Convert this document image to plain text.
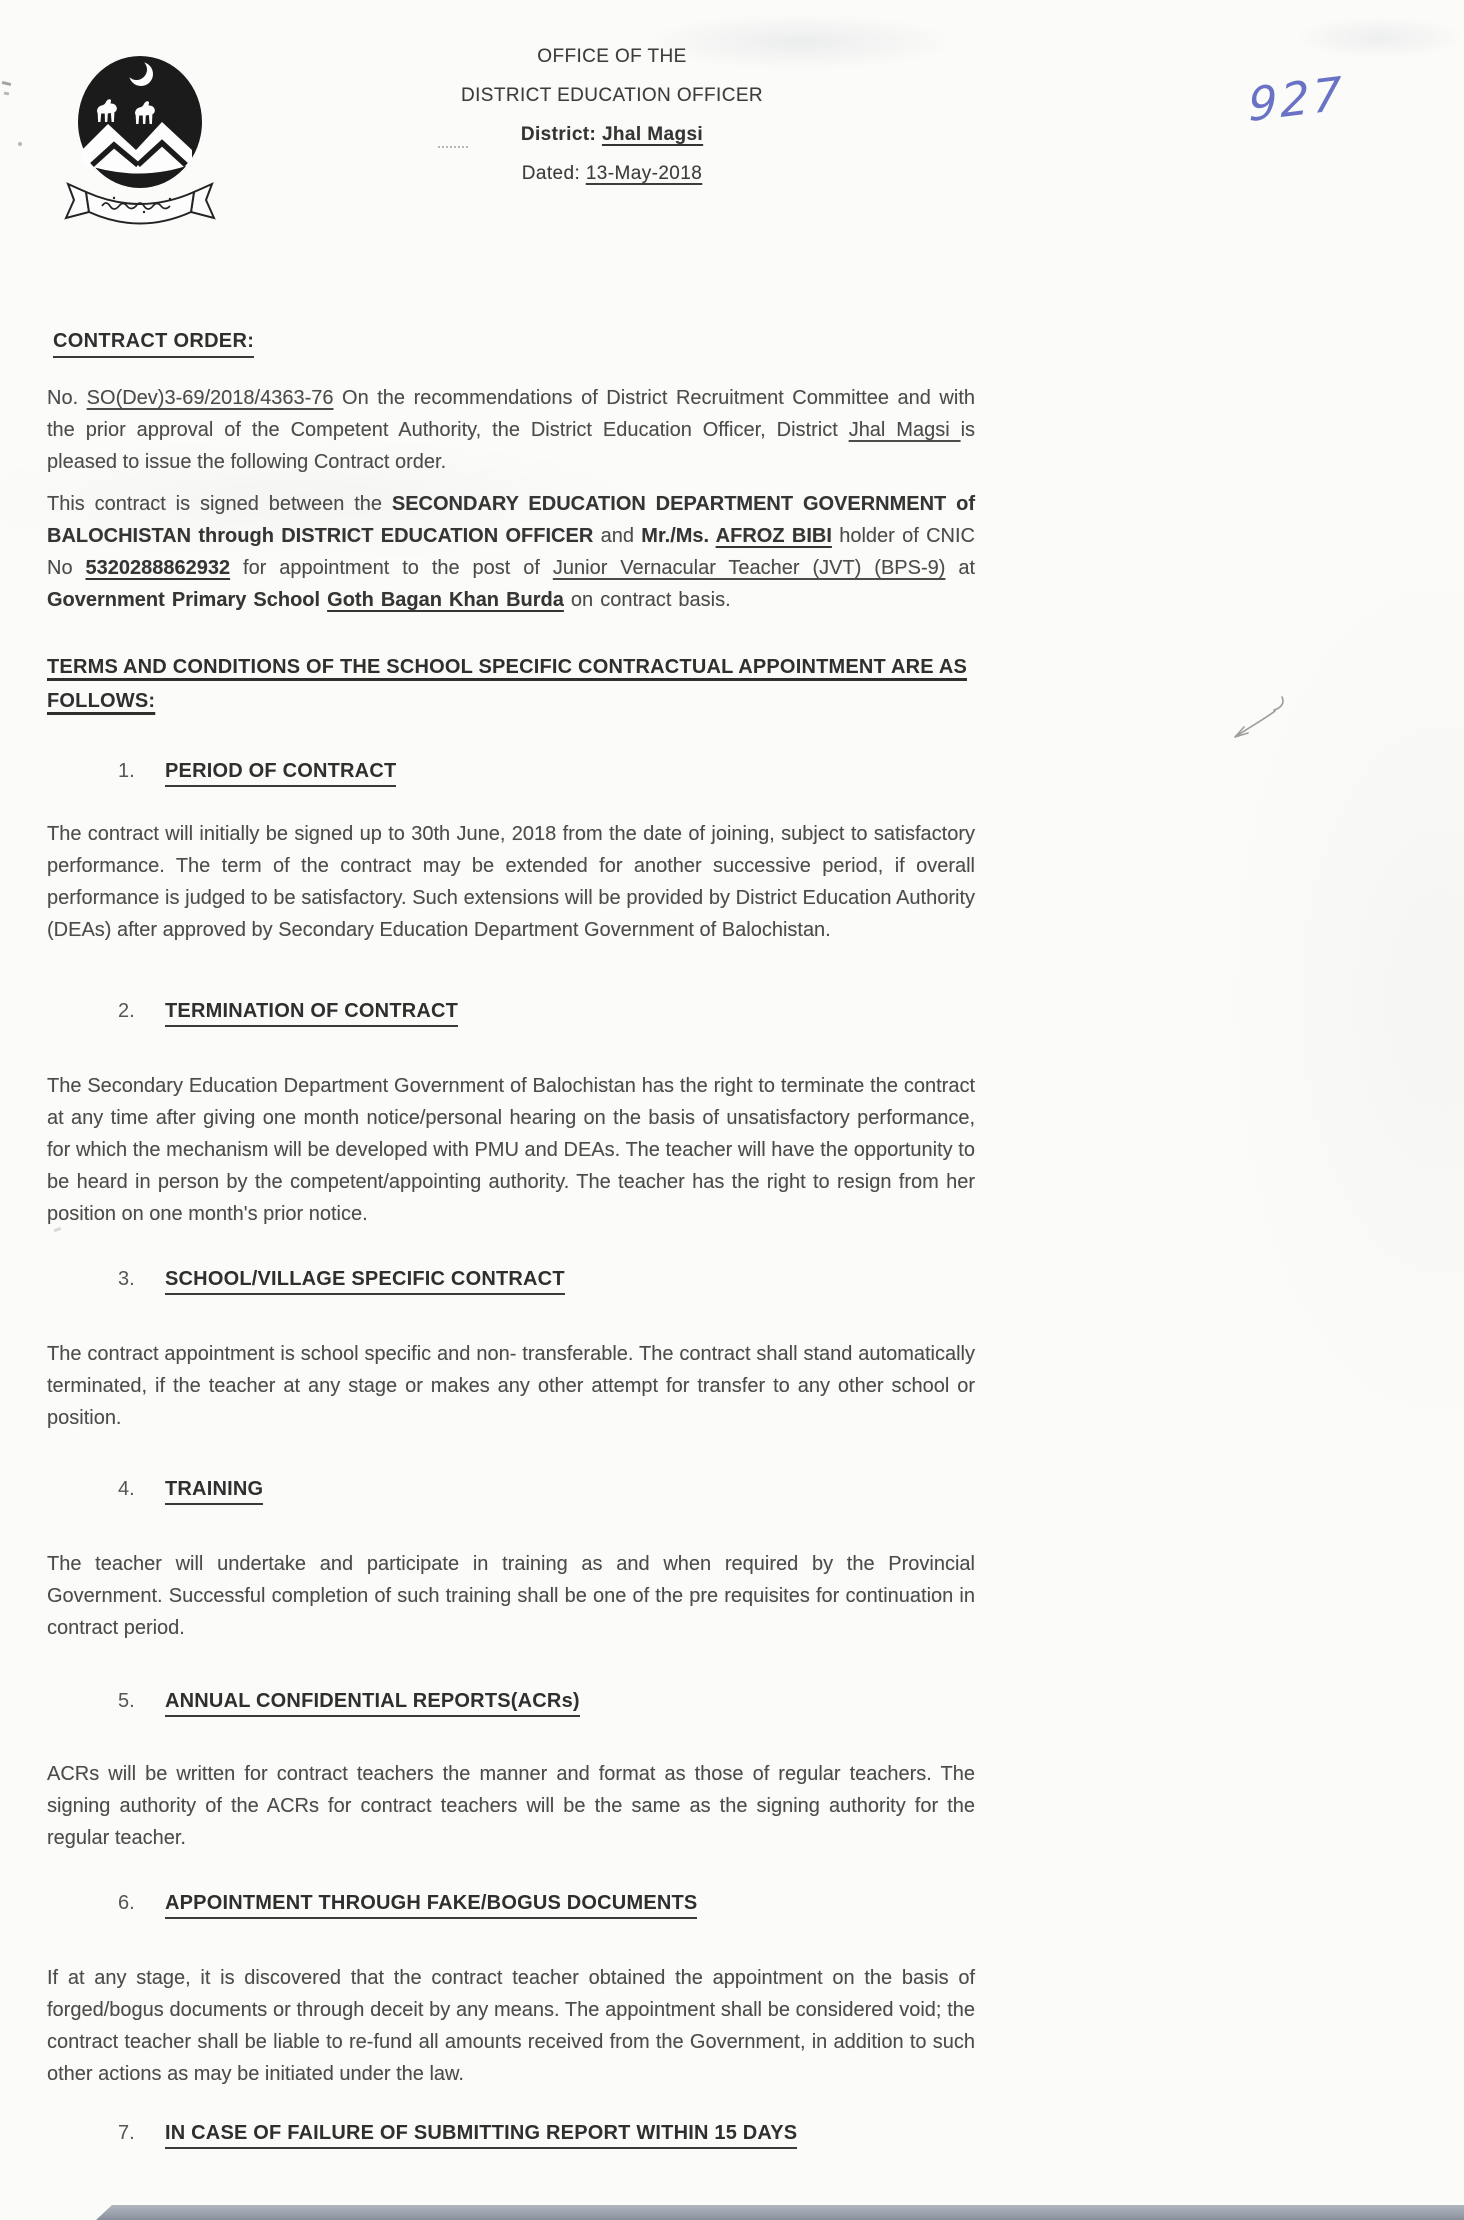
OFFICE OF THE
DISTRICT EDUCATION OFFICER
District: Jhal Magsi
Dated: 13-May-2018
927
CONTRACT ORDER:
No. SO(Dev)3-69/2018/4363-76 On the recommendations of District Recruitment Committee and with the prior approval of the Competent Authority, the District Education Officer, District Jhal Magsi is pleased to issue the following Contract order.
This contract is signed between the SECONDARY EDUCATION DEPARTMENT GOVERNMENT of BALOCHISTAN through DISTRICT EDUCATION OFFICER and Mr./Ms. AFROZ BIBI holder of CNIC No 5320288862932 for appointment to the post of Junior Vernacular Teacher (JVT) (BPS-9) at Government Primary School Goth Bagan Khan Burda on contract basis.
TERMS AND CONDITIONS OF THE SCHOOL SPECIFIC CONTRACTUAL APPOINTMENT ARE AS FOLLOWS:
1. PERIOD OF CONTRACT
The contract will initially be signed up to 30th June, 2018 from the date of joining, subject to satisfactory performance. The term of the contract may be extended for another successive period, if overall performance is judged to be satisfactory. Such extensions will be provided by District Education Authority (DEAs) after approved by Secondary Education Department Government of Balochistan.
2. TERMINATION OF CONTRACT
The Secondary Education Department Government of Balochistan has the right to terminate the contract at any time after giving one month notice/personal hearing on the basis of unsatisfactory performance, for which the mechanism will be developed with PMU and DEAs. The teacher will have the opportunity to be heard in person by the competent/appointing authority. The teacher has the right to resign from her position on one month's prior notice.
3. SCHOOL/VILLAGE SPECIFIC CONTRACT
The contract appointment is school specific and non- transferable. The contract shall stand automatically terminated, if the teacher at any stage or makes any other attempt for transfer to any other school or position.
4. TRAINING
The teacher will undertake and participate in training as and when required by the Provincial Government. Successful completion of such training shall be one of the pre requisites for continuation in contract period.
5. ANNUAL CONFIDENTIAL REPORTS(ACRs)
ACRs will be written for contract teachers the manner and format as those of regular teachers. The signing authority of the ACRs for contract teachers will be the same as the signing authority for the regular teacher.
6. APPOINTMENT THROUGH FAKE/BOGUS DOCUMENTS
If at any stage, it is discovered that the contract teacher obtained the appointment on the basis of forged/bogus documents or through deceit by any means. The appointment shall be considered void; the contract teacher shall be liable to re-fund all amounts received from the Government, in addition to such other actions as may be initiated under the law.
7. IN CASE OF FAILURE OF SUBMITTING REPORT WITHIN 15 DAYS
